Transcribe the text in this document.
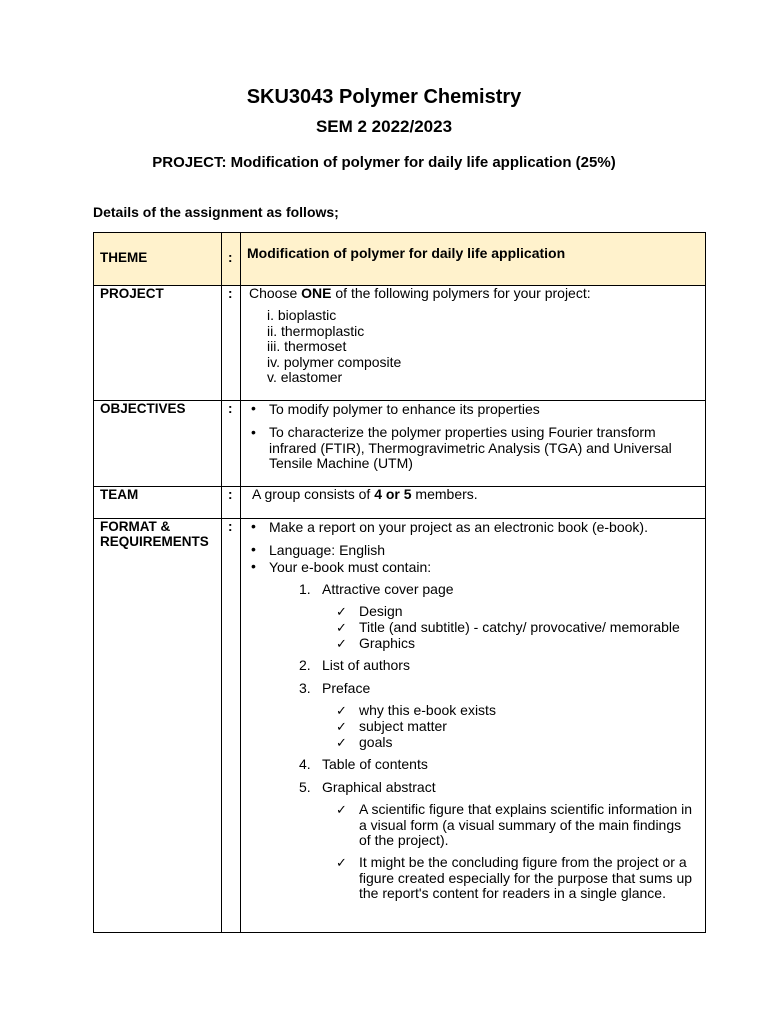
SKU3043 Polymer Chemistry
SEM 2 2022/2023
PROJECT: Modification of polymer for daily life application (25%)
Details of the assignment as follows;
THEME	: Modification of polymer for daily life application
PROJECT	: Choose ONE of the following polymers for your project:
i. bioplastic
ii. thermoplastic
iii. thermoset
iv. polymer composite
v. elastomer
OBJECTIVES	: • To modify polymer to enhance its properties
• To characterize the polymer properties using Fourier transform
infrared (FTIR), Thermogravimetric Analysis (TGA) and Universal
Tensile Machine (UTM)
TEAM	: A group consists of 4 or 5 members.
FORMAT &
REQUIREMENTS
: • Make a report on your project as an electronic book (e-book).
• Language: English
• Your e-book must contain:
1. Attractive cover page
✓ Design
✓ Title (and subtitle) - catchy/ provocative/ memorable
✓ Graphics
2. List of authors
3. Preface
✓ why this e-book exists
✓ subject matter
✓ goals
4. Table of contents
5. Graphical abstract
✓ A scientific figure that explains scientific information in
a visual form (a visual summary of the main findings
of the project).
✓ It might be the concluding figure from the project or a
figure created especially for the purpose that sums up
the report's content for readers in a single glance.
